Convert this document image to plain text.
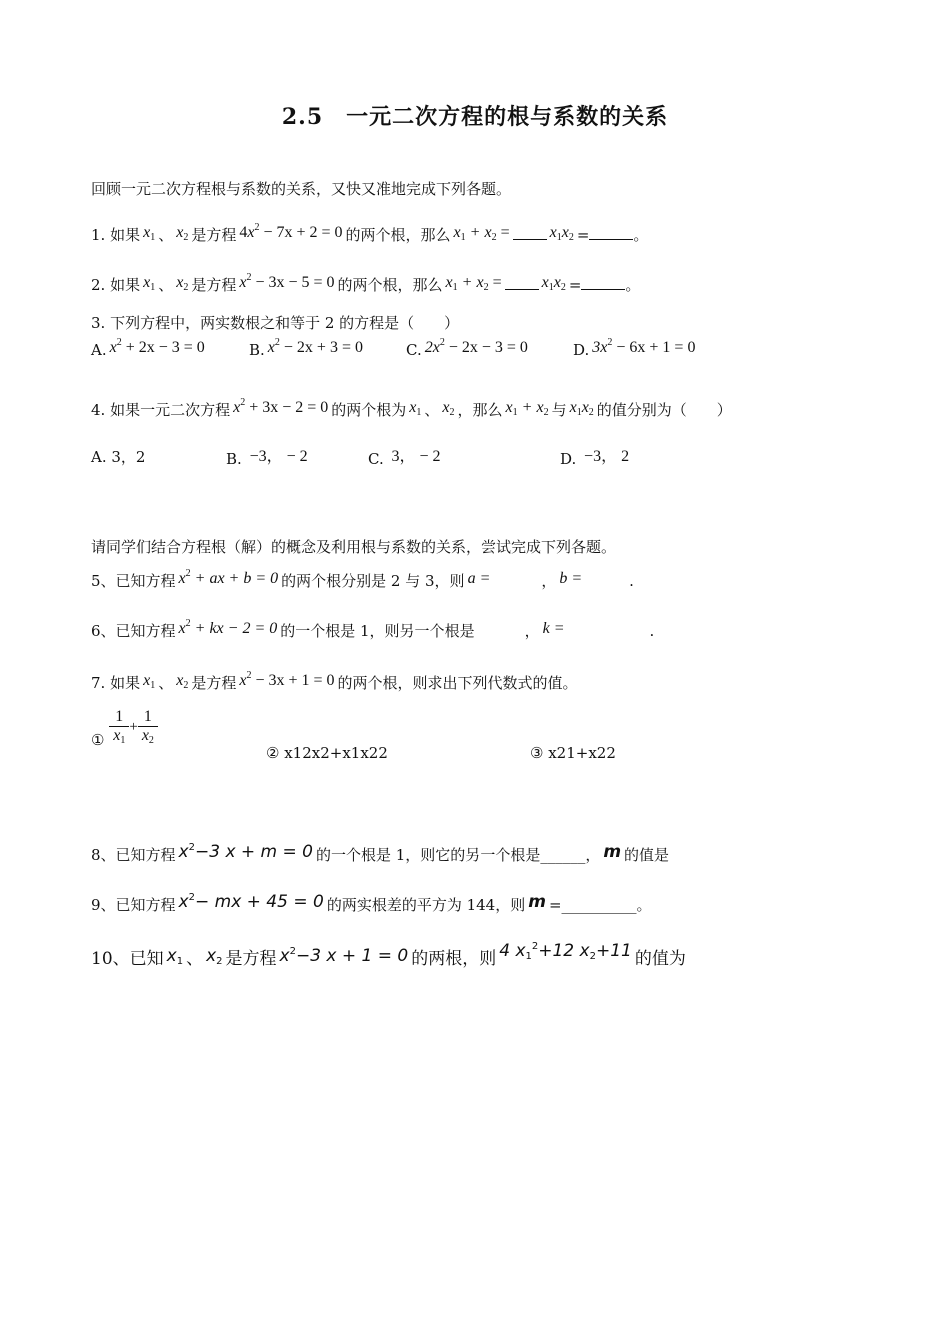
2.5　一元二次方程的根与系数的关系
回顾一元二次方程根与系数的关系，又快又准地完成下列各题。
1. 如果 $x_1$ 、 $x_2$ 是方程 $4x^2 - 7x + 2 = 0$ 的两个根，那么 $x_1 + x_2$ =	$x_1x_2$ =	。
2. 如果 $x_1$ 、 $x_2$ 是方程 $x^2 - 3x - 5 = 0$ 的两个根，那么 $x_1 + x_2$ =	$x_1x_2$ =	。
3. 下列方程中，两实数根之和等于 2 的方程是（　　）
A. $x^2 + 2x - 3 = 0$	B. $x^2 - 2x + 3 = 0$	C. $2x^2 - 2x - 3 = 0$	D. $3x^2 - 6x + 1 = 0$
4. 如果一元二次方程 $x^2 + 3x - 2 = 0$ 的两个根为 $x_1$ 、 $x_2$ ，那么 $x_1 + x_2$ 与 $x_1x_2$ 的值分别为（　　）
A. 3，2	B. −3， − 2	C. 3， − 2	D. −3， 2
请同学们结合方程根（解）的概念及利用根与系数的关系，尝试完成下列各题。
5、已知方程 $x^2$ + ax + b = 0 的两个根分别是 2 与 3，则 a =	， b =	.
6、已知方程 $x^2$ + kx − 2 = 0 的一个根是 1，则另一个根是	， k =	.
7. 如果 $x_1$ 、 $x_2$ 是方程 $x^2 - 3x + 1 = 0$ 的两个根，则求出下列代数式的值。
① $\frac{1}{x_1} + \frac{1}{x_2}$
② x12x2+x1x22	③ x21+x22
8、已知方程 $x^2-3$ x + m = 0 的一个根是 1，则它的另一个根是______， m 的值是
9、已知方程 $x^2-$ mx + 45 = 0 的两实根差的平方为 144，则 m =__________。
10、已知 $x_1$ 、 $x_2$ 是方程 $x^2-3$ x + 1 = 0 的两根，则 4 $x_1^2+12$ $x_2+11$ 的值为
